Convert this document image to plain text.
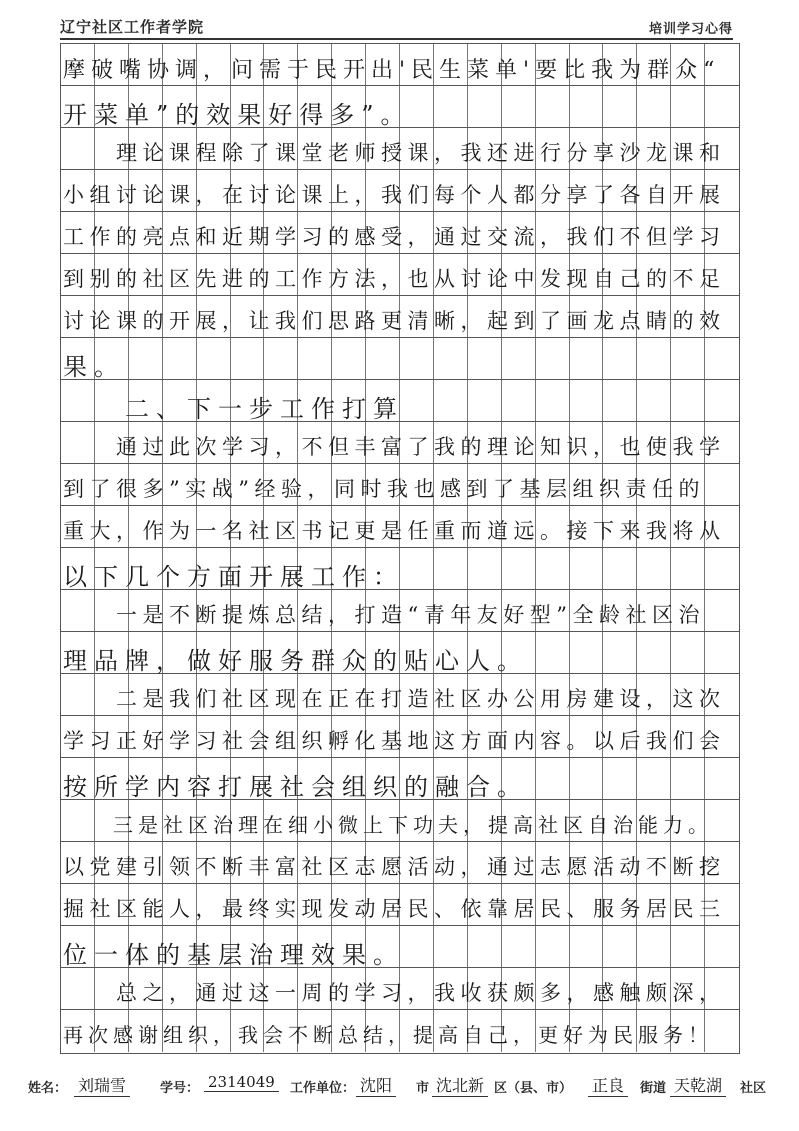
辽宁社区工作者学院	培训学习心得
摩破嘴协调，问需于民开出'民生菜单'要比我为群众“
开菜单”的效果好得多”。
　　理论课程除了课堂老师授课，我还进行分享沙龙课和
小组讨论课，在讨论课上，我们每个人都分享了各自开展
工作的亮点和近期学习的感受，通过交流，我们不但学习
到别的社区先进的工作方法，也从讨论中发现自己的不足
讨论课的开展，让我们思路更清晰，起到了画龙点睛的效
果。
　　二、下一步工作打算
　　通过此次学习，不但丰富了我的理论知识，也使我学
到了很多”实战”经验，同时我也感到了基层组织责任的
重大，作为一名社区书记更是任重而道远。接下来我将从
以下几个方面开展工作：
　　一是不断提炼总结，打造“青年友好型”全龄社区治
理品牌，做好服务群众的贴心人。
　　二是我们社区现在正在打造社区办公用房建设，这次
学习正好学习社会组织孵化基地这方面内容。以后我们会
按所学内容打展社会组织的融合。
　　三是社区治理在细小微上下功夫，提高社区自治能力。
以党建引领不断丰富社区志愿活动，通过志愿活动不断挖
掘社区能人，最终实现发动居民、依靠居民、服务居民三
位一体的基层治理效果。
　　总之，通过这一周的学习，我收获颇多，感触颇深，
再次感谢组织，我会不断总结，提高自己，更好为民服务！
姓名： 刘瑞雪	学号： 2314049	工作单位： 沈阳	市 沈北新 区（县、市） 正良	街道 天乾湖	社区
